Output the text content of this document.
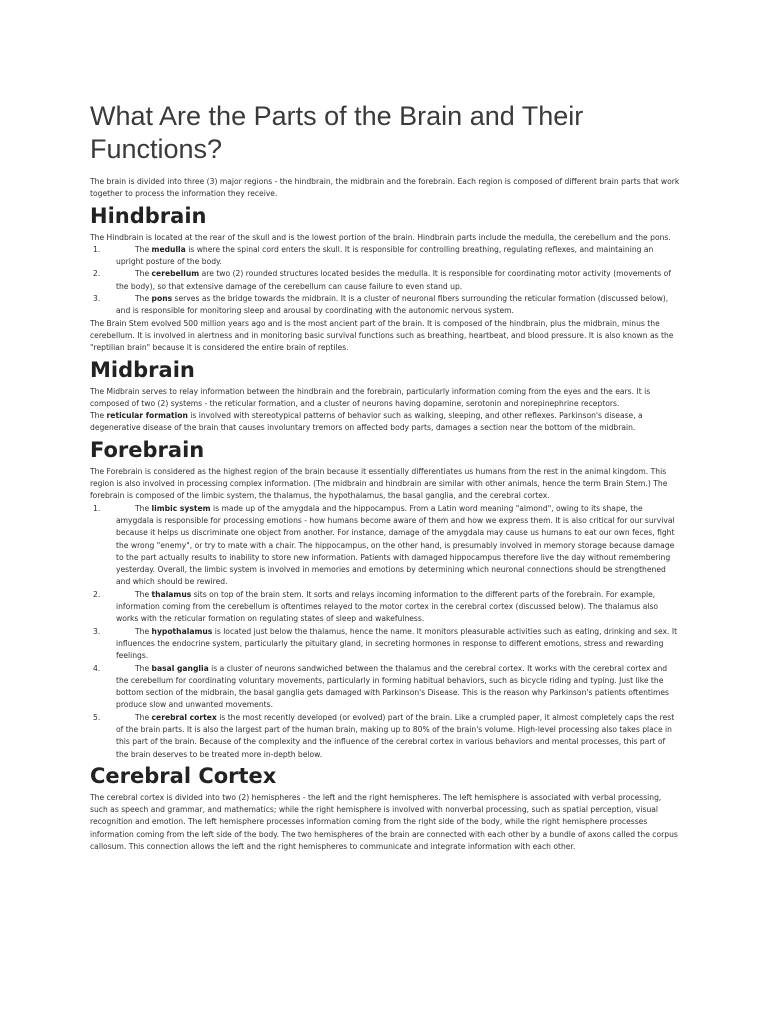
What Are the Parts of the Brain and Their Functions?

The brain is divided into three (3) major regions - the hindbrain, the midbrain and the forebrain. Each region is composed of different brain parts that work together to process the information they receive.

Hindbrain

The Hindbrain is located at the rear of the skull and is the lowest portion of the brain. Hindbrain parts include the medulla, the cerebellum and the pons.

1.	The medulla is where the spinal cord enters the skull. It is responsible for controlling breathing, regulating reflexes, and maintaining an upright posture of the body.
2.	The cerebellum are two (2) rounded structures located besides the medulla. It is responsible for coordinating motor activity (movements of the body), so that extensive damage of the cerebellum can cause failure to even stand up.
3.	The pons serves as the bridge towards the midbrain. It is a cluster of neuronal fibers surrounding the reticular formation (discussed below), and is responsible for monitoring sleep and arousal by coordinating with the autonomic nervous system.

The Brain Stem evolved 500 million years ago and is the most ancient part of the brain. It is composed of the hindbrain, plus the midbrain, minus the cerebellum. It is involved in alertness and in monitoring basic survival functions such as breathing, heartbeat, and blood pressure. It is also known as the "reptilian brain" because it is considered the entire brain of reptiles.

Midbrain

The Midbrain serves to relay information between the hindbrain and the forebrain, particularly information coming from the eyes and the ears. It is composed of two (2) systems - the reticular formation, and a cluster of neurons having dopamine, serotonin and norepinephrine receptors.

The reticular formation is involved with stereotypical patterns of behavior such as walking, sleeping, and other reflexes. Parkinson's disease, a degenerative disease of the brain that causes involuntary tremors on affected body parts, damages a section near the bottom of the midbrain.

Forebrain

The Forebrain is considered as the highest region of the brain because it essentially differentiates us humans from the rest in the animal kingdom. This region is also involved in processing complex information. (The midbrain and hindbrain are similar with other animals, hence the term Brain Stem.) The forebrain is composed of the limbic system, the thalamus, the hypothalamus, the basal ganglia, and the cerebral cortex.

1.	The limbic system is made up of the amygdala and the hippocampus. From a Latin word meaning "almond", owing to its shape, the amygdala is responsible for processing emotions - how humans become aware of them and how we express them. It is also critical for our survival because it helps us discriminate one object from another. For instance, damage of the amygdala may cause us humans to eat our own feces, fight the wrong "enemy", or try to mate with a chair. The hippocampus, on the other hand, is presumably involved in memory storage because damage to the part actually results to inability to store new information. Patients with damaged hippocampus therefore live the day without remembering yesterday. Overall, the limbic system is involved in memories and emotions by determining which neuronal connections should be strengthened and which should be rewired.
2.	The thalamus sits on top of the brain stem. It sorts and relays incoming information to the different parts of the forebrain. For example, information coming from the cerebellum is oftentimes relayed to the motor cortex in the cerebral cortex (discussed below). The thalamus also works with the reticular formation on regulating states of sleep and wakefulness.
3.	The hypothalamus is located just below the thalamus, hence the name. It monitors pleasurable activities such as eating, drinking and sex. It influences the endocrine system, particularly the pituitary gland, in secreting hormones in response to different emotions, stress and rewarding feelings.
4.	The basal ganglia is a cluster of neurons sandwiched between the thalamus and the cerebral cortex. It works with the cerebral cortex and the cerebellum for coordinating voluntary movements, particularly in forming habitual behaviors, such as bicycle riding and typing. Just like the bottom section of the midbrain, the basal ganglia gets damaged with Parkinson's Disease. This is the reason why Parkinson's patients oftentimes produce slow and unwanted movements.
5.	The cerebral cortex is the most recently developed (or evolved) part of the brain. Like a crumpled paper, it almost completely caps the rest of the brain parts. It is also the largest part of the human brain, making up to 80% of the brain's volume. High-level processing also takes place in this part of the brain. Because of the complexity and the influence of the cerebral cortex in various behaviors and mental processes, this part of the brain deserves to be treated more in-depth below.
Cerebral Cortex

The cerebral cortex is divided into two (2) hemispheres - the left and the right hemispheres. The left hemisphere is associated with verbal processing, such as speech and grammar, and mathematics; while the right hemisphere is involved with nonverbal processing, such as spatial perception, visual recognition and emotion. The left hemisphere processes information coming from the right side of the body, while the right hemisphere processes information coming from the left side of the body. The two hemispheres of the brain are connected with each other by a bundle of axons called the corpus callosum. This connection allows the left and the right hemispheres to communicate and integrate information with each other.
